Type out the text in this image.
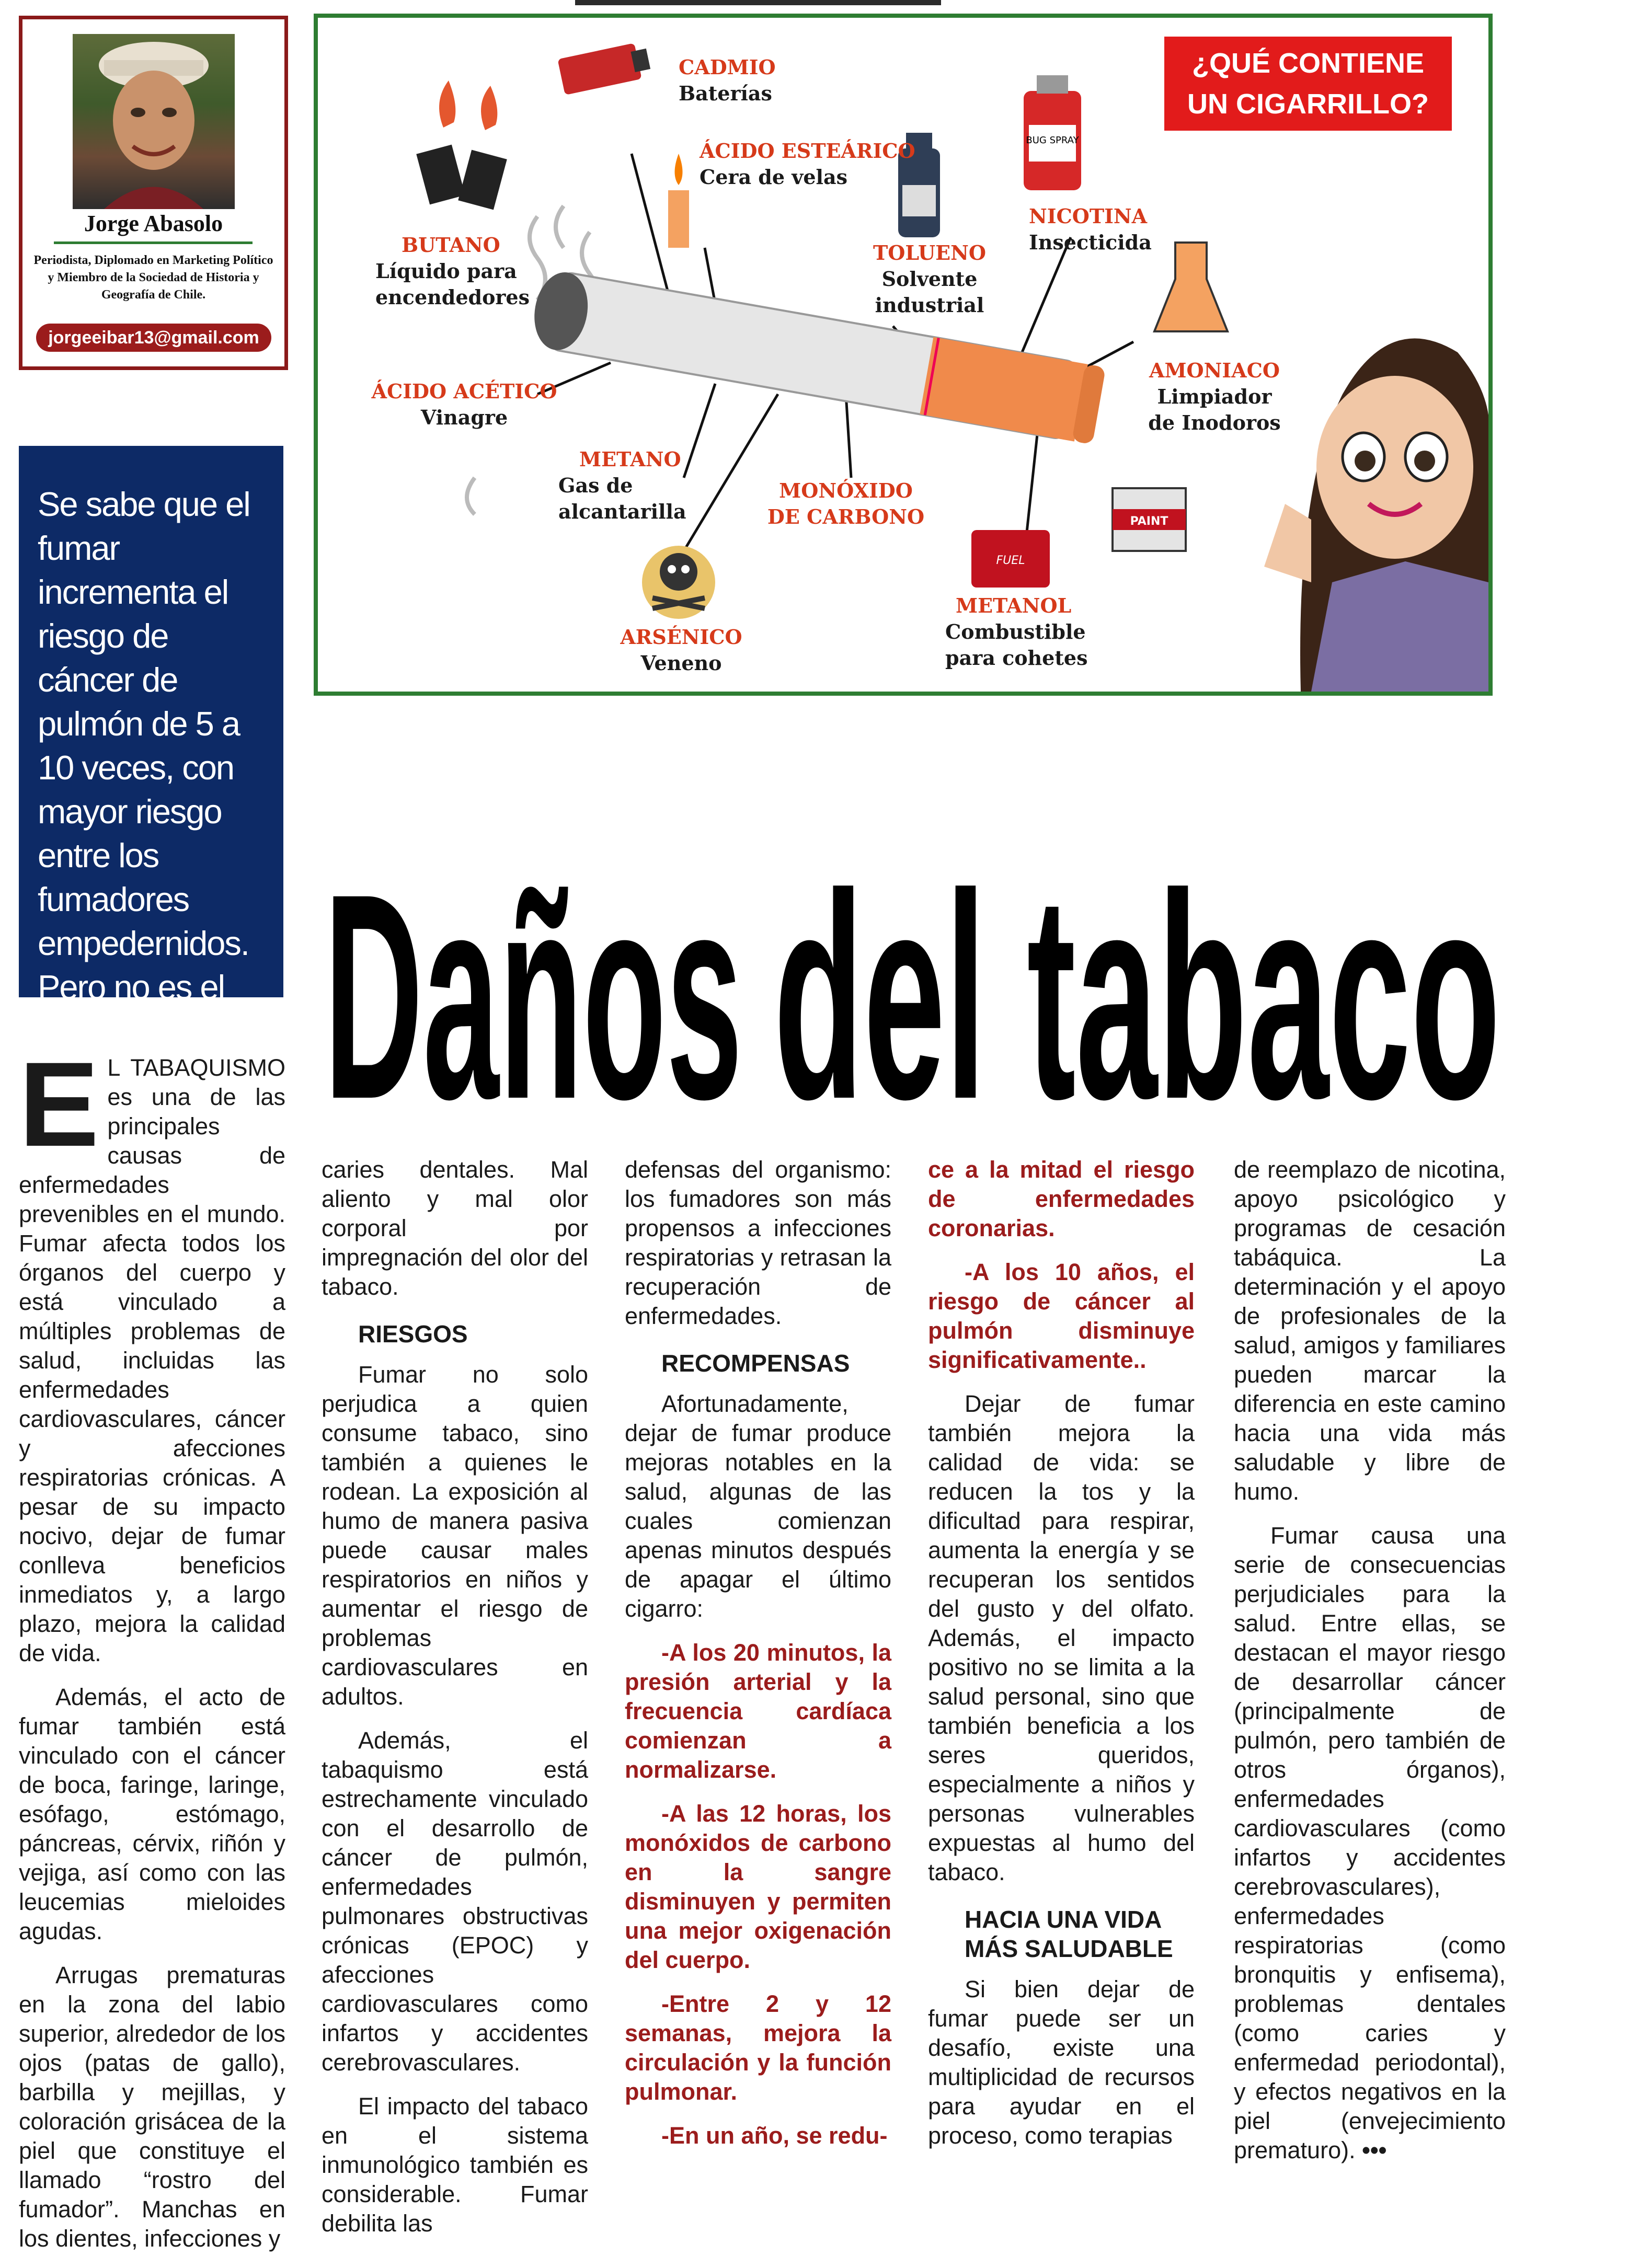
Jorge Abasolo
Periodista, Diplomado en Marketing Político y Miembro de la Sociedad de Historia y Geografía de Chile.
jorgeeibar13@gmail.com
Se sabe que el fumar incrementa el riesgo de cáncer de pulmón de 5 a 10 veces, con mayor riesgo entre los fumadores empedernidos. Pero no es el único riesgo.
BUG SPRAY
PAINT
FUEL
¿QUÉ CONTIENE
UN CIGARRILLO?
CADMIO
Baterías
ÁCIDO ESTEÁRICO
Cera de velas
BUTANO
Líquido para encendedores
TOLUENO
Solvente industrial
NICOTINA
Insecticida
AMONIACO
Limpiador de Inodoros
ÁCIDO ACÉTICO
Vinagre
METANO
Gas de alcantarilla
MONÓXIDO DE CARBONO
ARSÉNICO
Veneno
METANOL
Combustible para cohetes
Daños del tabaco
E L TABAQUISMO es una de las principales causas de enfermedades prevenibles en el mundo. Fumar afecta todos los órganos del cuerpo y está vinculado a múltiples problemas de salud, incluidas las enfermedades cardiovasculares, cáncer y afecciones respiratorias crónicas. A pesar de su impacto nocivo, dejar de fumar conlleva beneficios inmediatos y, a largo plazo, mejora la calidad de vida.

Además, el acto de fumar también está vinculado con el cáncer de boca, faringe, laringe, esófago, estómago, páncreas, cérvix, riñón y vejiga, así como con las leucemias mieloides agudas.

Arrugas prematuras en la zona del labio superior, alrededor de los ojos (patas de gallo), barbilla y mejillas, y coloración grisácea de la piel que constituye el llamado “rostro del fumador”. Manchas en los dientes, infecciones y

caries dentales. Mal aliento y mal olor corporal por impregnación del olor del tabaco.

RIESGOS

Fumar no solo perjudica a quien consume tabaco, sino también a quienes le rodean. La exposición al humo de manera pasiva puede causar males respiratorios en niños y aumentar el riesgo de problemas cardiovasculares en adultos.

Además, el tabaquismo está estrechamente vinculado con el desarrollo de cáncer de pulmón, enfermedades pulmonares obstructivas crónicas (EPOC) y afecciones cardiovasculares como infartos y accidentes cerebrovasculares.

El impacto del tabaco en el sistema inmunológico también es considerable. Fumar debilita las

defensas del organismo: los fumadores son más propensos a infecciones respiratorias y retrasan la recuperación de enfermedades.

RECOMPENSAS

Afortunadamente, dejar de fumar produce mejoras notables en la salud, algunas de las cuales comienzan apenas minutos después de apagar el último cigarro:

-A los 20 minutos, la presión arterial y la frecuencia cardíaca comienzan a normalizarse.

-A las 12 horas, los monóxidos de carbono en la sangre disminuyen y permiten una mejor oxigenación del cuerpo.

-Entre 2 y 12 semanas, mejora la circulación y la función pulmonar.

-En un año, se redu-

ce a la mitad el riesgo de enfermedades coronarias.

-A los 10 años, el riesgo de cáncer al pulmón disminuye significativamente..

Dejar de fumar también mejora la calidad de vida: se reducen la tos y la dificultad para respirar, aumenta la energía y se recuperan los sentidos del gusto y del olfato. Además, el impacto positivo no se limita a la salud personal, sino que también beneficia a los seres queridos, especialmente a niños y personas vulnerables expuestas al humo del tabaco.

HACIA UNA VIDA MÁS SALUDABLE

Si bien dejar de fumar puede ser un desafío, existe una multiplicidad de recursos para ayudar en el proceso, como terapias

de reemplazo de nicotina, apoyo psicológico y programas de cesación tabáquica. La determinación y el apoyo de profesionales de la salud, amigos y familiares pueden marcar la diferencia en este camino hacia una vida más saludable y libre de humo.

Fumar causa una serie de consecuencias perjudiciales para la salud. Entre ellas, se destacan el mayor riesgo de desarrollar cáncer (principalmente de pulmón, pero también de otros órganos), enfermedades cardiovasculares (como infartos y accidentes cerebrovasculares), enfermedades respiratorias (como bronquitis y enfisema), problemas dentales (como caries y enfermedad periodontal), y efectos negativos en la piel (envejecimiento prematuro). •••
